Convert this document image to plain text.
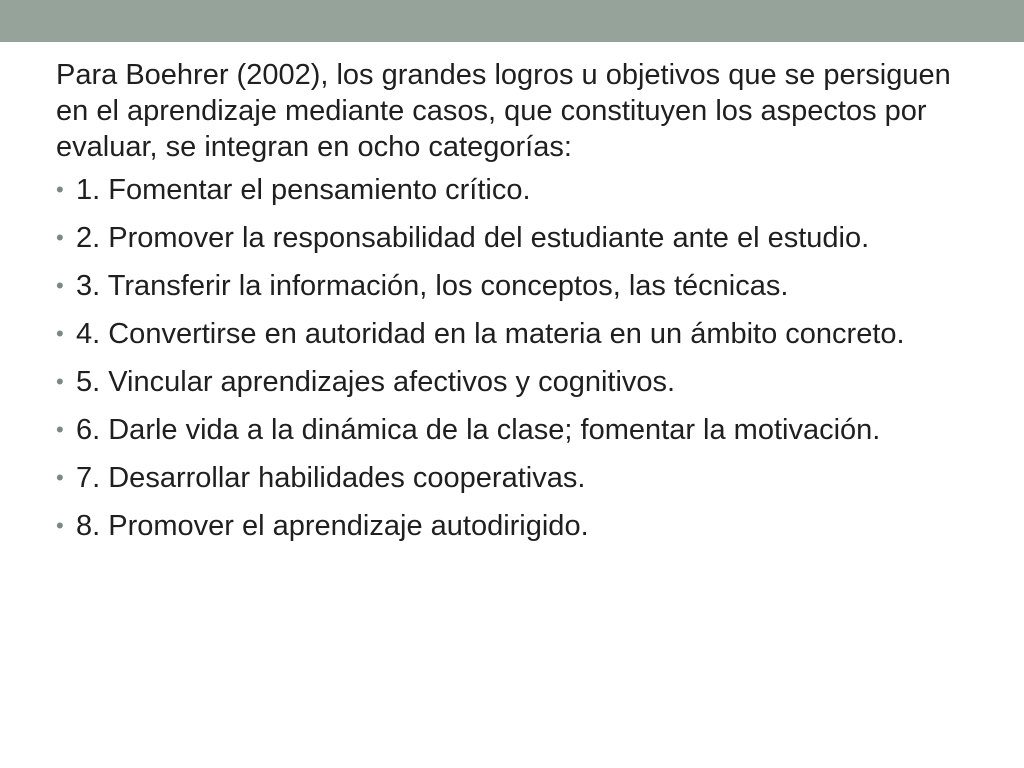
Para Boehrer (2002), los grandes logros u objetivos que se persiguen en el aprendizaje mediante casos, que constituyen los aspectos por evaluar, se integran en ocho categorías:

• 1. Fomentar el pensamiento crítico.
• 2. Promover la responsabilidad del estudiante ante el estudio.
• 3. Transferir la información, los conceptos, las técnicas.
• 4. Convertirse en autoridad en la materia en un ámbito concreto.
• 5. Vincular aprendizajes afectivos y cognitivos.
• 6. Darle vida a la dinámica de la clase; fomentar la motivación.
• 7. Desarrollar habilidades cooperativas.
• 8. Promover el aprendizaje autodirigido.
